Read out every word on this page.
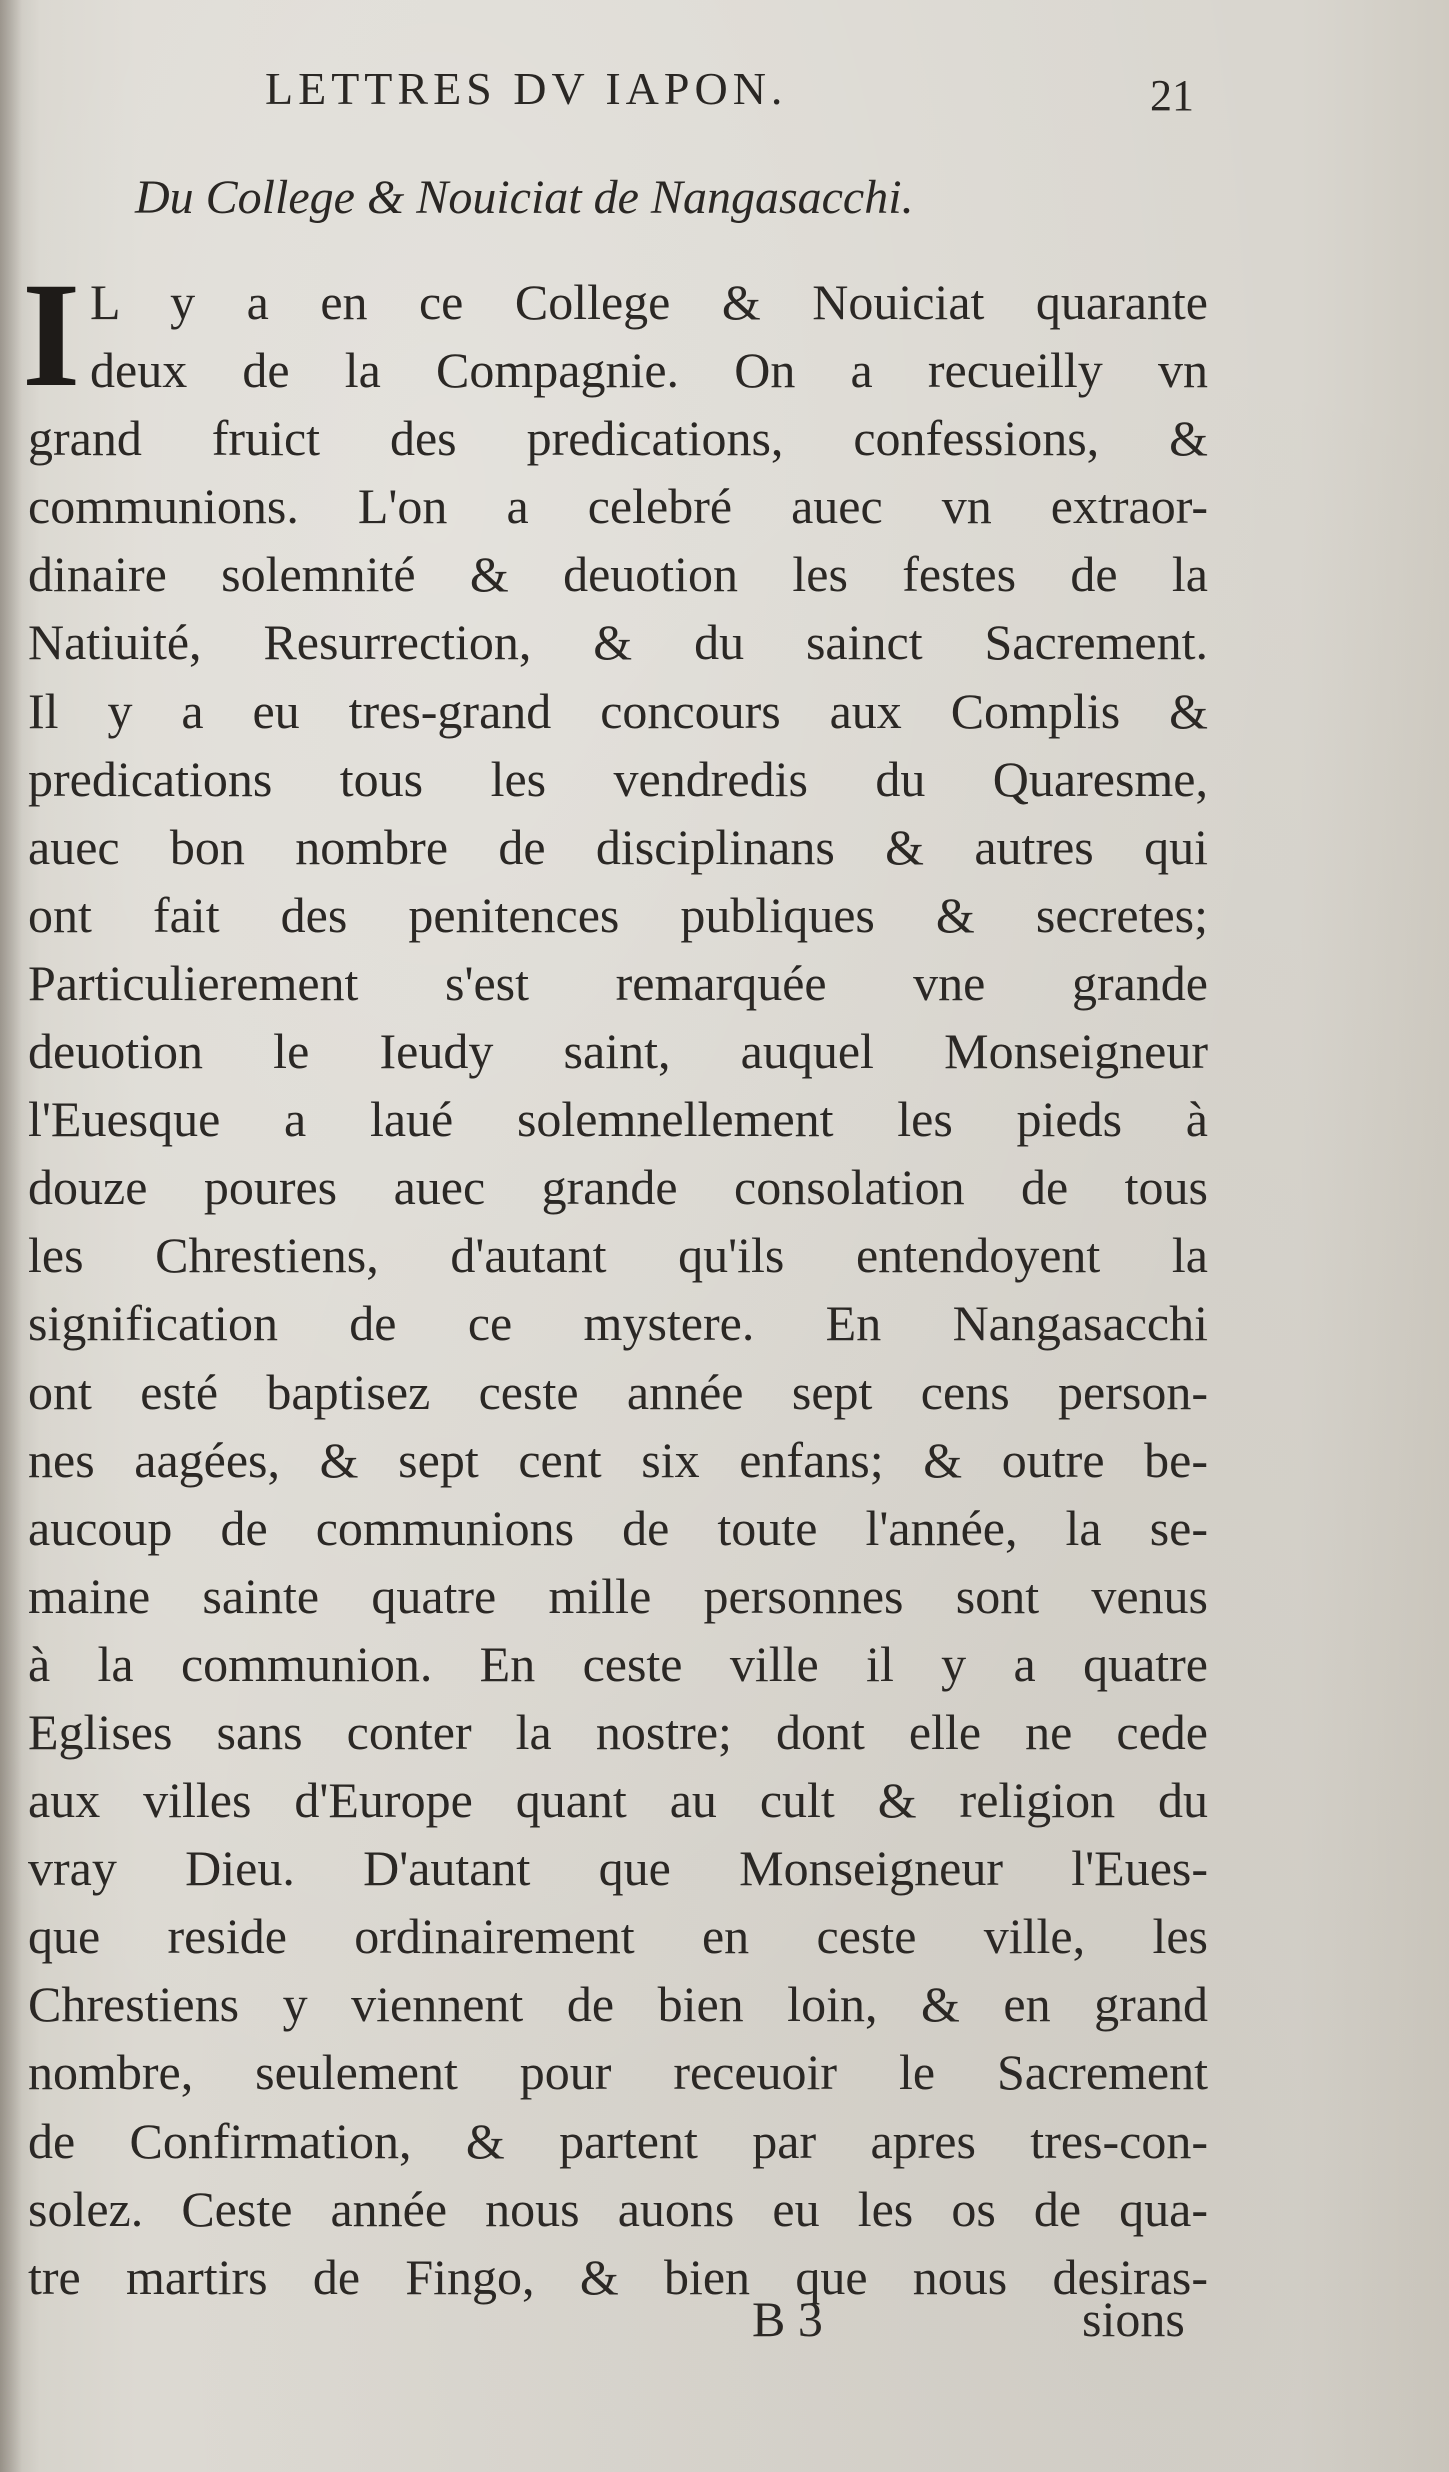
LETTRES DV IAPON.	21
Du College & Nouiciat de Nangasacchi.
I L y a en ce College & Nouiciat quarante
deux de la Compagnie. On a recueilly vn
grand fruict des predications, confessions, &
communions. L'on a celebré auec vn extraor-
dinaire solemnité & deuotion les festes de la
Natiuité, Resurrection, & du sainct Sacrement.
Il y a eu tres-grand concours aux Complis &
predications tous les vendredis du Quaresme,
auec bon nombre de disciplinans & autres qui
ont fait des penitences publiques & secretes;
Particulierement s'est remarquée vne grande
deuotion le Ieudy saint, auquel Monseigneur
l'Euesque a laué solemnellement les pieds à
douze poures auec grande consolation de tous
les Chrestiens, d'autant qu'ils entendoyent la
signification de ce mystere. En Nangasacchi
ont esté baptisez ceste année sept cens person-
nes aagées, & sept cent six enfans; & outre be-
aucoup de communions de toute l'année, la se-
maine sainte quatre mille personnes sont venus
à la communion. En ceste ville il y a quatre
Eglises sans conter la nostre; dont elle ne cede
aux villes d'Europe quant au cult & religion du
vray Dieu. D'autant que Monseigneur l'Eues-
que reside ordinairement en ceste ville, les
Chrestiens y viennent de bien loin, & en grand
nombre, seulement pour receuoir le Sacrement
de Confirmation, & partent par apres tres-con-
solez. Ceste année nous auons eu les os de qua-
tre martirs de Fingo, & bien que nous desiras-
B 3	sions
